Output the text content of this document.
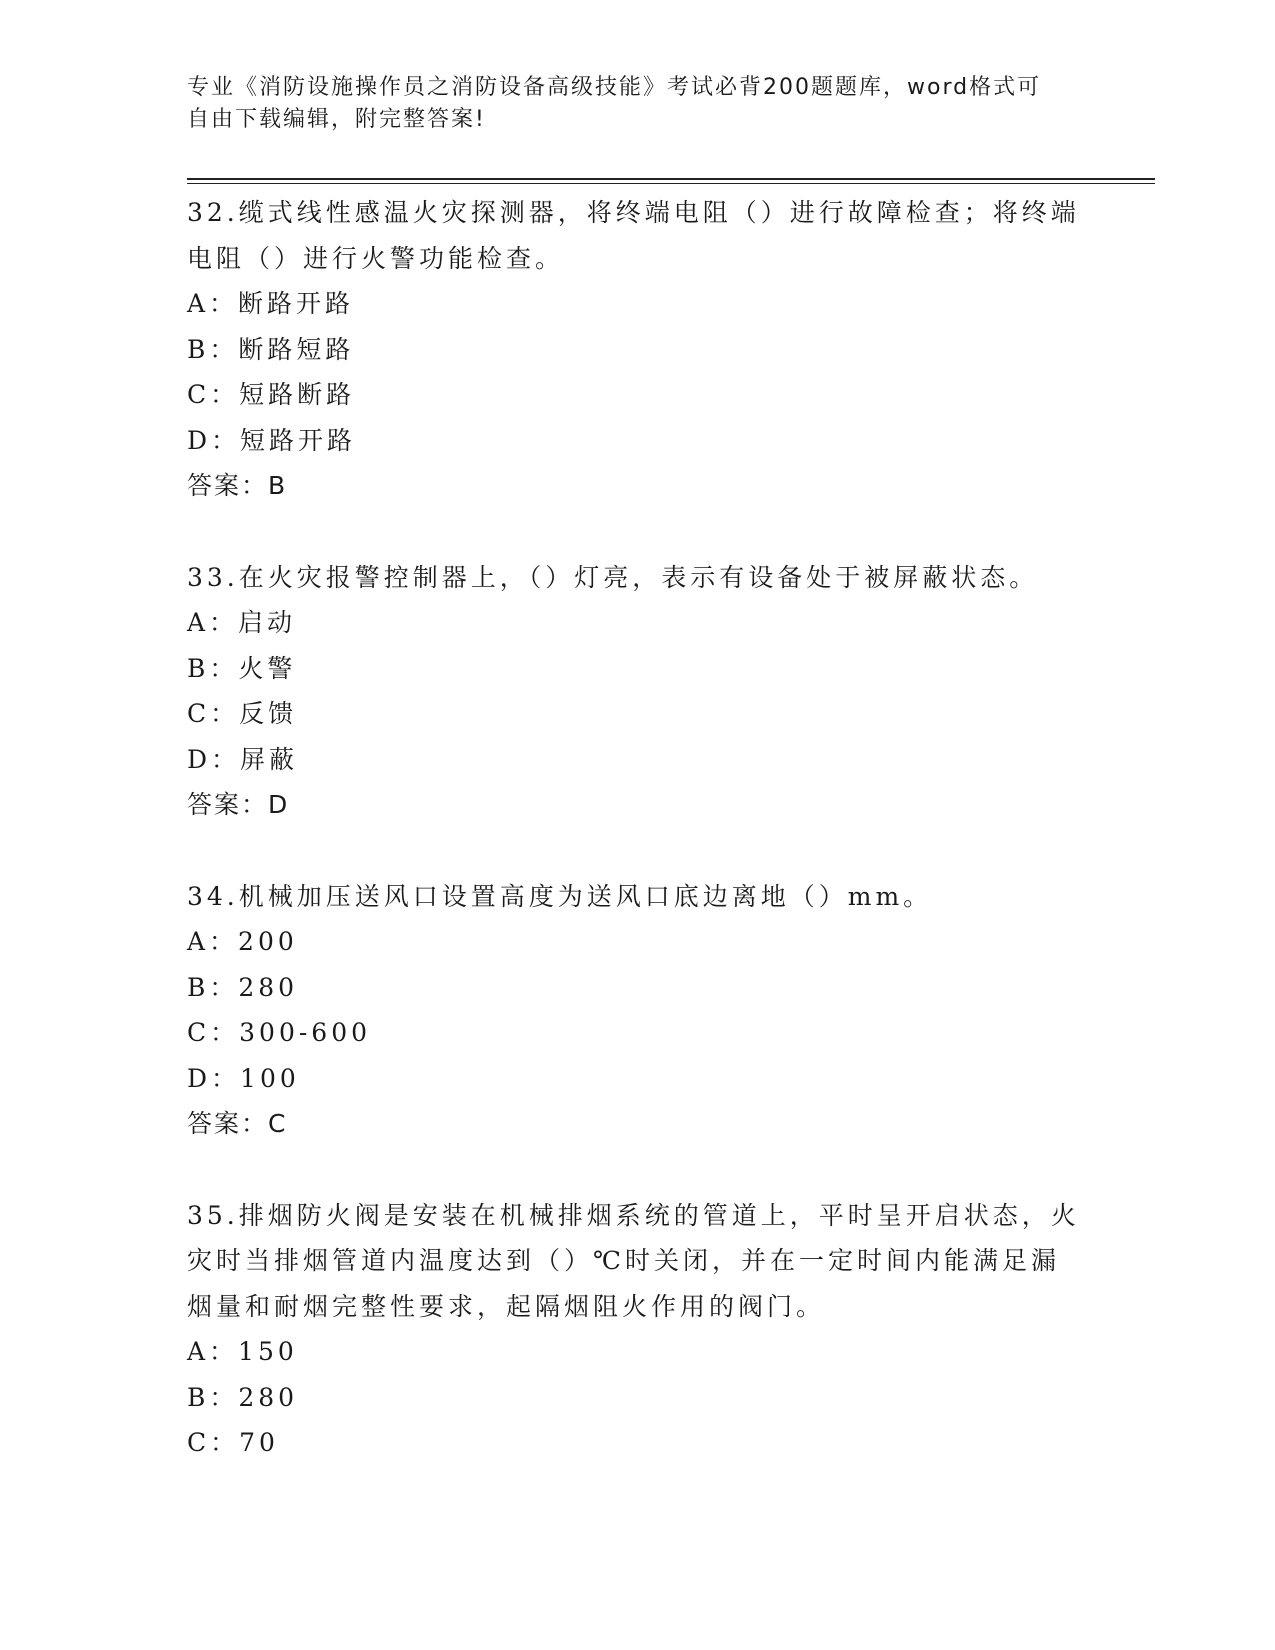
专业《消防设施操作员之消防设备高级技能》考试必背200题题库，word格式可
自由下载编辑，附完整答案!
32.缆式线性感温火灾探测器，将终端电阻（）进行故障检查；将终端
电阻（）进行火警功能检查。
A：断路开路
B：断路短路
C：短路断路
D：短路开路
答案：B
33.在火灾报警控制器上，（）灯亮，表示有设备处于被屏蔽状态。
A：启动
B：火警
C：反馈
D：屏蔽
答案：D
34.机械加压送风口设置高度为送风口底边离地（）mm。
A：200
B：280
C：300-600
D：100
答案：C
35.排烟防火阀是安装在机械排烟系统的管道上，平时呈开启状态，火
灾时当排烟管道内温度达到（）℃时关闭，并在一定时间内能满足漏
烟量和耐烟完整性要求，起隔烟阻火作用的阀门。
A：150
B：280
C：70
